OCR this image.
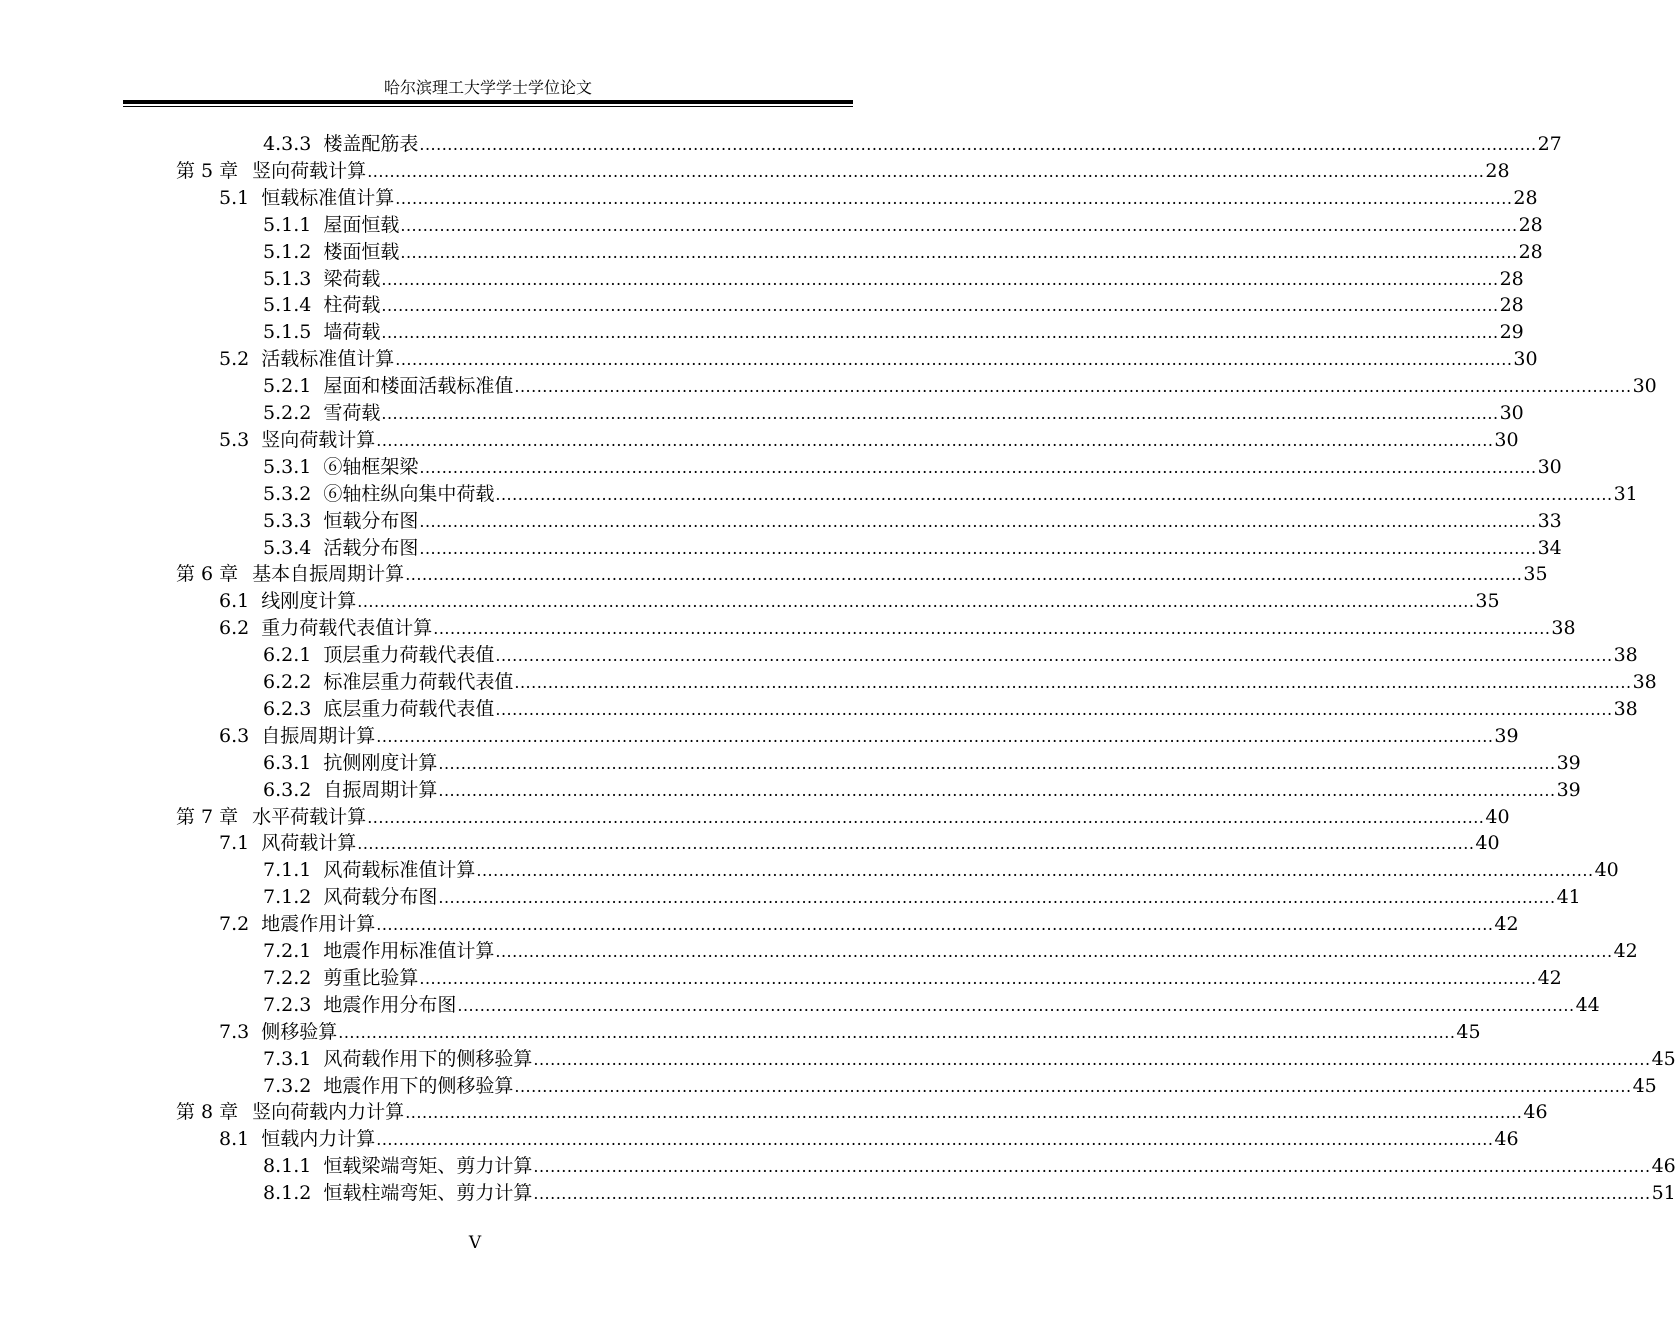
哈尔滨理工大学学士学位论文
4.3.3 楼盖配筋表 ........................................................................................................................................................................................................ 27
第 5 章 竖向荷载计算 ........................................................................................................................................................................................................ 28
5.1 恒载标准值计算 ........................................................................................................................................................................................................ 28
5.1.1 屋面恒载 ........................................................................................................................................................................................................ 28
5.1.2 楼面恒载 ........................................................................................................................................................................................................ 28
5.1.3 梁荷载 ........................................................................................................................................................................................................ 28
5.1.4 柱荷载 ........................................................................................................................................................................................................ 28
5.1.5 墙荷载 ........................................................................................................................................................................................................ 29
5.2 活载标准值计算 ........................................................................................................................................................................................................ 30
5.2.1 屋面和楼面活载标准值 ........................................................................................................................................................................................................ 30
5.2.2 雪荷载 ........................................................................................................................................................................................................ 30
5.3 竖向荷载计算 ........................................................................................................................................................................................................ 30
5.3.1 ⑥轴框架梁 ........................................................................................................................................................................................................ 30
5.3.2 ⑥轴柱纵向集中荷载 ........................................................................................................................................................................................................ 31
5.3.3 恒载分布图 ........................................................................................................................................................................................................ 33
5.3.4 活载分布图 ........................................................................................................................................................................................................ 34
第 6 章 基本自振周期计算 ........................................................................................................................................................................................................ 35
6.1 线刚度计算 ........................................................................................................................................................................................................ 35
6.2 重力荷载代表值计算 ........................................................................................................................................................................................................ 38
6.2.1 顶层重力荷载代表值 ........................................................................................................................................................................................................ 38
6.2.2 标准层重力荷载代表值 ........................................................................................................................................................................................................ 38
6.2.3 底层重力荷载代表值 ........................................................................................................................................................................................................ 38
6.3 自振周期计算 ........................................................................................................................................................................................................ 39
6.3.1 抗侧刚度计算 ........................................................................................................................................................................................................ 39
6.3.2 自振周期计算 ........................................................................................................................................................................................................ 39
第 7 章 水平荷载计算 ........................................................................................................................................................................................................ 40
7.1 风荷载计算 ........................................................................................................................................................................................................ 40
7.1.1 风荷载标准值计算 ........................................................................................................................................................................................................ 40
7.1.2 风荷载分布图 ........................................................................................................................................................................................................ 41
7.2 地震作用计算 ........................................................................................................................................................................................................ 42
7.2.1 地震作用标准值计算 ........................................................................................................................................................................................................ 42
7.2.2 剪重比验算 ........................................................................................................................................................................................................ 42
7.2.3 地震作用分布图 ........................................................................................................................................................................................................ 44
7.3 侧移验算 ........................................................................................................................................................................................................ 45
7.3.1 风荷载作用下的侧移验算 ........................................................................................................................................................................................................ 45
7.3.2 地震作用下的侧移验算 ........................................................................................................................................................................................................ 45
第 8 章 竖向荷载内力计算 ........................................................................................................................................................................................................ 46
8.1 恒载内力计算 ........................................................................................................................................................................................................ 46
8.1.1 恒载梁端弯矩、剪力计算 ........................................................................................................................................................................................................ 46
8.1.2 恒载柱端弯矩、剪力计算 ........................................................................................................................................................................................................ 51
V
